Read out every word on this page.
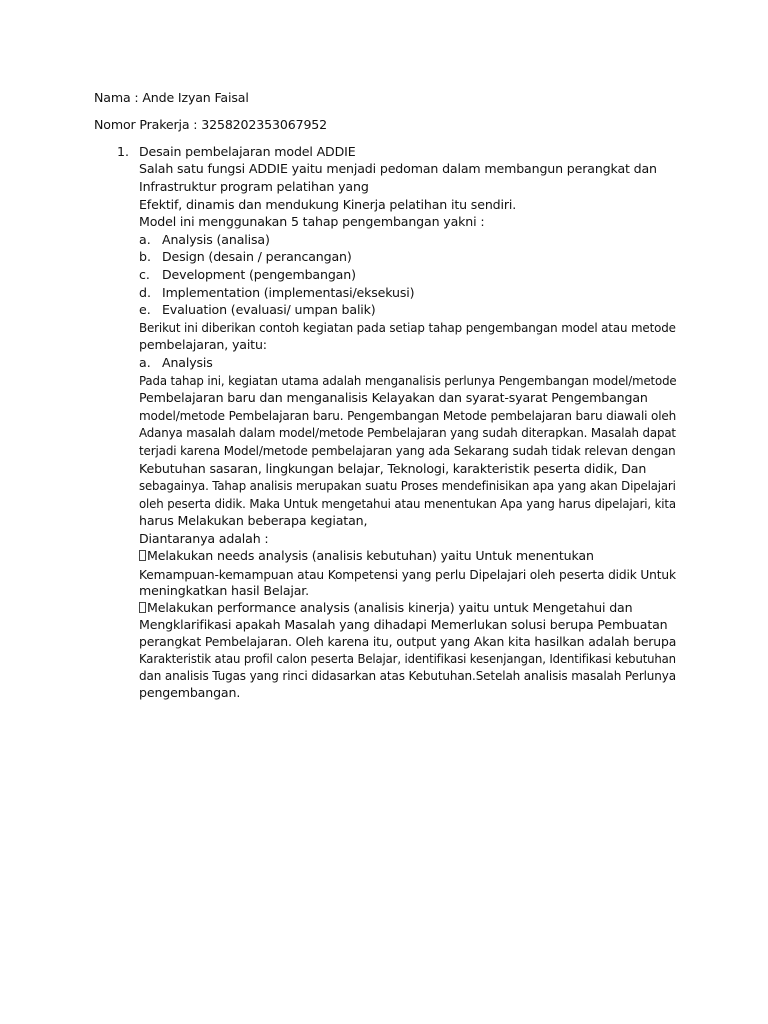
Nama : Ande Izyan Faisal
Nomor Prakerja : 3258202353067952
1. Desain pembelajaran model ADDIE
Salah satu fungsi ADDIE yaitu menjadi pedoman dalam membangun perangkat dan
Infrastruktur program pelatihan yang
Efektif, dinamis dan mendukung Kinerja pelatihan itu sendiri.
Model ini menggunakan 5 tahap pengembangan yakni :
a. Analysis (analisa)
b. Design (desain / perancangan)
c. Development (pengembangan)
d. Implementation (implementasi/eksekusi)
e. Evaluation (evaluasi/ umpan balik)
Berikut ini diberikan contoh kegiatan pada setiap tahap pengembangan model atau metode
pembelajaran, yaitu:
a. Analysis
Pada tahap ini, kegiatan utama adalah menganalisis perlunya Pengembangan model/metode
Pembelajaran baru dan menganalisis Kelayakan dan syarat-syarat Pengembangan
model/metode Pembelajaran baru. Pengembangan Metode pembelajaran baru diawali oleh
Adanya masalah dalam model/metode Pembelajaran yang sudah diterapkan. Masalah dapat
terjadi karena Model/metode pembelajaran yang ada Sekarang sudah tidak relevan dengan
Kebutuhan sasaran, lingkungan belajar, Teknologi, karakteristik peserta didik, Dan
sebagainya. Tahap analisis merupakan suatu Proses mendefinisikan apa yang akan Dipelajari
oleh peserta didik. Maka Untuk mengetahui atau menentukan Apa yang harus dipelajari, kita
harus Melakukan beberapa kegiatan,
Diantaranya adalah :
Melakukan needs analysis (analisis kebutuhan) yaitu Untuk menentukan
Kemampuan-kemampuan atau Kompetensi yang perlu Dipelajari oleh peserta didik Untuk
meningkatkan hasil Belajar.
Melakukan performance analysis (analisis kinerja) yaitu untuk Mengetahui dan
Mengklarifikasi apakah Masalah yang dihadapi Memerlukan solusi berupa Pembuatan
perangkat Pembelajaran. Oleh karena itu, output yang Akan kita hasilkan adalah berupa
Karakteristik atau profil calon peserta Belajar, identifikasi kesenjangan, Identifikasi kebutuhan
dan analisis Tugas yang rinci didasarkan atas Kebutuhan.Setelah analisis masalah Perlunya
pengembangan.
